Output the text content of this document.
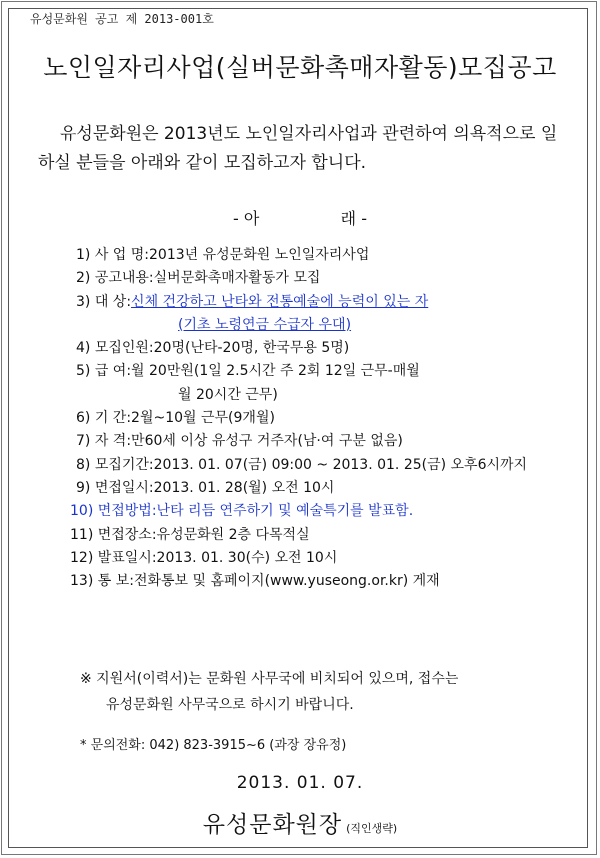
유성문화원 공고 제 2013-001호
노인일자리사업(실버문화촉매자활동)모집공고
유성문화원은 2013년도 노인일자리사업과 관련하여 의욕적으로 일하실 분들을 아래와 같이 모집하고자 합니다.
- 아                래 -
1) 사 업 명:2013년 유성문화원 노인일자리사업
2) 공고내용:실버문화촉매자활동가 모집
3) 대 상:신체 건강하고 난타와 전통예술에 능력이 있는 자
(기초 노령연금 수급자 우대)
4) 모집인원:20명(난타-20명, 한국무용 5명)
5) 급 여:월 20만원(1일 2.5시간 주 2회 12일 근무-매월
월 20시간 근무)
6) 기 간:2월~10월 근무(9개월)
7) 자 격:만60세 이상 유성구 거주자(남·여 구분 없음)
8) 모집기간:2013. 01. 07(금) 09:00 ~ 2013. 01. 25(금) 오후6시까지
9) 면접일시:2013. 01. 28(월) 오전 10시
10) 면접방법:난타 리듬 연주하기 및 예술특기를 발표함.
11) 면접장소:유성문화원 2층 다목적실
12) 발표일시:2013. 01. 30(수) 오전 10시
13) 통 보:전화통보 및 홈페이지(www.yuseong.or.kr) 게재
※ 지원서(이력서)는 문화원 사무국에 비치되어 있으며, 접수는
유성문화원 사무국으로 하시기 바랍니다.
* 문의전화: 042) 823-3915~6 (과장 장유정)
2013. 01. 07.
유성문화원장 (직인생략)
